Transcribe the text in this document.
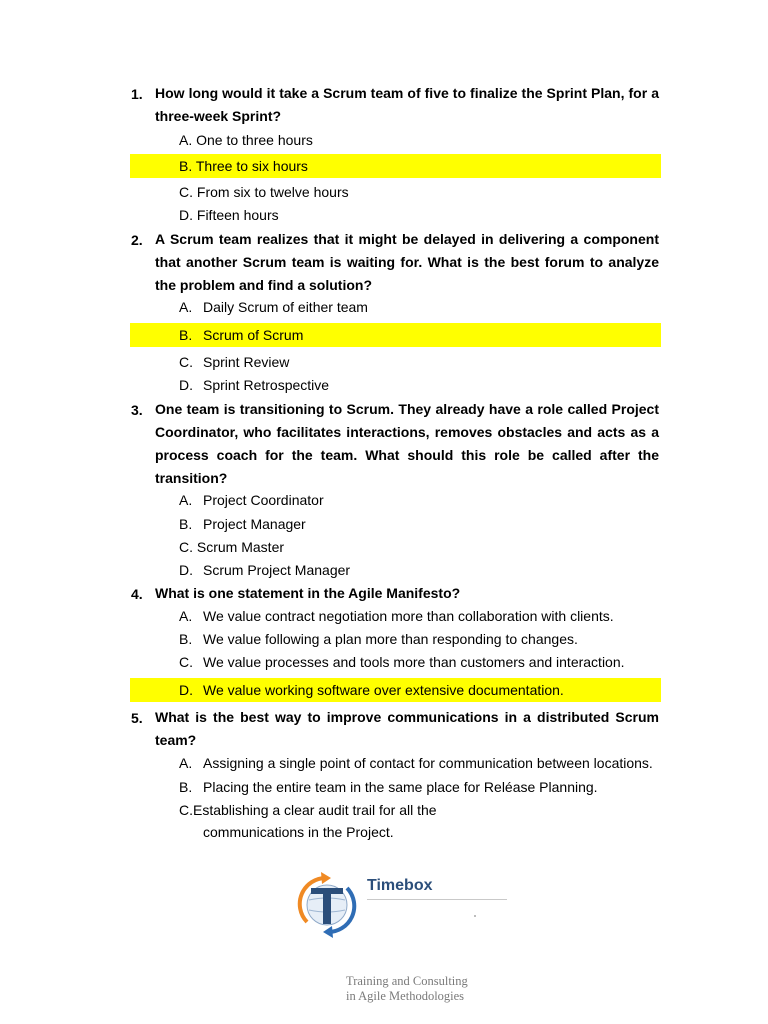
1. How long would it take a Scrum team of five to finalize the Sprint Plan, for a three-week Sprint?
A. One to three hours
B. Three to six hours
C. From six to twelve hours
D. Fifteen hours
2. A Scrum team realizes that it might be delayed in delivering a component that another Scrum team is waiting for. What is the best forum to analyze the problem and find a solution?
A. Daily Scrum of either team
B. Scrum of Scrum
C. Sprint Review
D. Sprint Retrospective
3. One team is transitioning to Scrum. They already have a role called Project Coordinator, who facilitates interactions, removes obstacles and acts as a process coach for the team. What should this role be called after the transition?
A. Project Coordinator
B. Project Manager
C. Scrum Master
D. Scrum Project Manager
4. What is one statement in the Agile Manifesto?
A. We value contract negotiation more than collaboration with clients.
B. We value following a plan more than responding to changes.
C. We value processes and tools more than customers and interaction.
D. We value working software over extensive documentation.
5. What is the best way to improve communications in a distributed Scrum team?
A. Assigning a single point of contact for communication between locations.
B. Placing the entire team in the same place for Reléase Planning.
C.Establishing a clear audit trail for all the
communications in the Project.
Timebox
Training and Consulting
in Agile Methodologies
